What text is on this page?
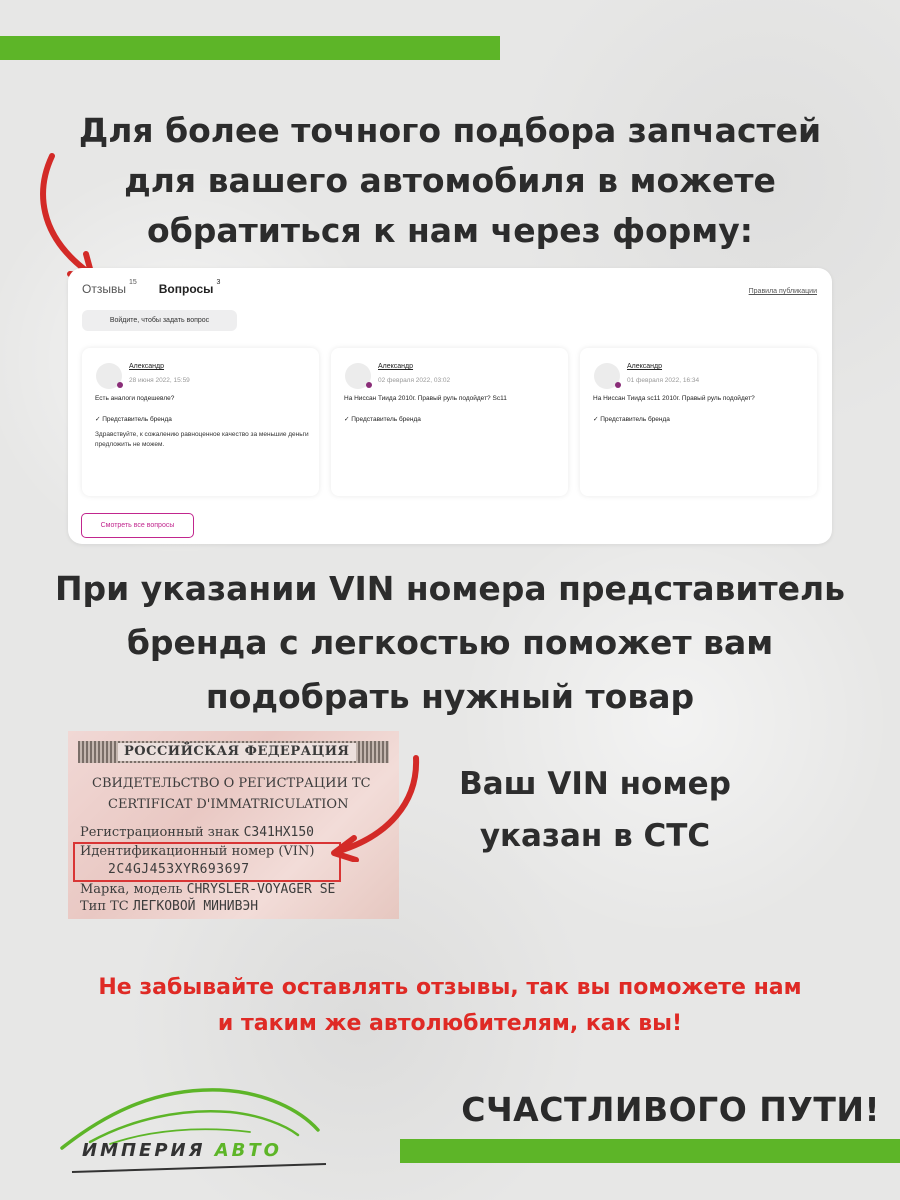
Для более точного подбора запчастей
для вашего автомобиля в можете
обратиться к нам через форму:
Отзывы $^{15}$ Вопросы $^3$
Правила публикации
Войдите, чтобы задать вопрос
Александр
28 июня 2022, 15:59
Есть аналоги подешевле?
✓ Представитель бренда
Здравствуйте, к сожалению равноценное качество за меньшие деньги предложить не можем.
Александр
02 февраля 2022, 03:02
На Ниссан Тиида 2010г. Правый руль подойдет? Sc11
✓ Представитель бренда
Александр
01 февраля 2022, 16:34
На Ниссан Тиида sc11 2010г. Правый руль подойдет?
✓ Представитель бренда
Смотреть все вопросы
При указании VIN номера представитель
бренда с легкостью поможет вам
подобрать нужный товар
РОССИЙСКАЯ ФЕДЕРАЦИЯ
СВИДЕТЕЛЬСТВО О РЕГИСТРАЦИИ ТС
CERTIFICAT D'IMMATRICULATION
Регистрационный знак С341НХ150
Идентификационный номер (VIN)
2C4GJ453XYR693697
Марка, модель CHRYSLER-VOYAGER SE
Тип ТС ЛЕГКОВОЙ МИНИВЭН
Ваш VIN номер
указан в СТС
Не забывайте оставлять отзывы, так вы поможете нам
и таким же автолюбителям, как вы!
ИМПЕРИЯ АВТО
СЧАСТЛИВОГО ПУТИ!
